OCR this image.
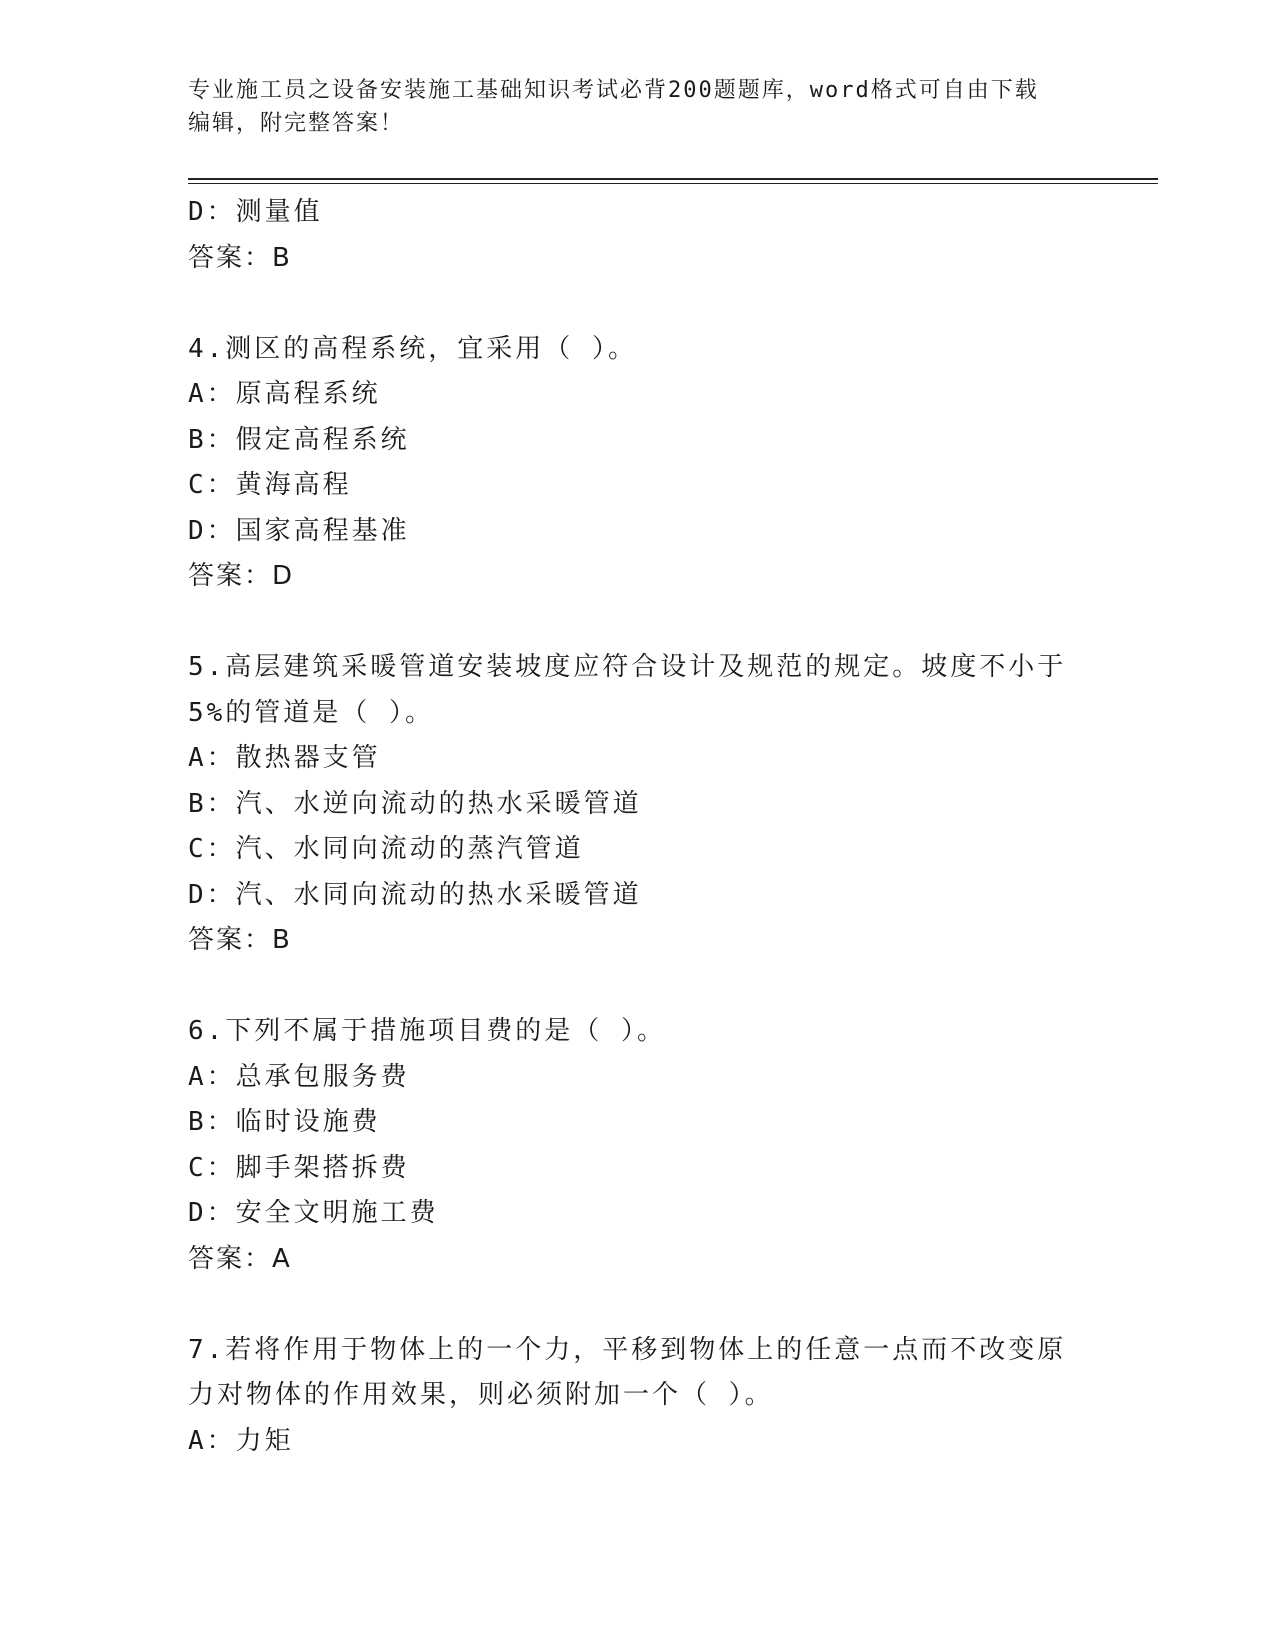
专业施工员之设备安装施工基础知识考试必背200题题库，word格式可自由下载
编辑，附完整答案！
D：测量值
答案：B
4.测区的高程系统，宜采用（ ）。
A：原高程系统
B：假定高程系统
C：黄海高程
D：国家高程基准
答案：D
5.高层建筑采暖管道安装坡度应符合设计及规范的规定。坡度不小于
5%的管道是（ ）。
A：散热器支管
B：汽、水逆向流动的热水采暖管道
C：汽、水同向流动的蒸汽管道
D：汽、水同向流动的热水采暖管道
答案：B
6.下列不属于措施项目费的是（ ）。
A：总承包服务费
B：临时设施费
C：脚手架搭拆费
D：安全文明施工费
答案：A
7.若将作用于物体上的一个力，平移到物体上的任意一点而不改变原
力对物体的作用效果，则必须附加一个（ ）。
A：力矩
